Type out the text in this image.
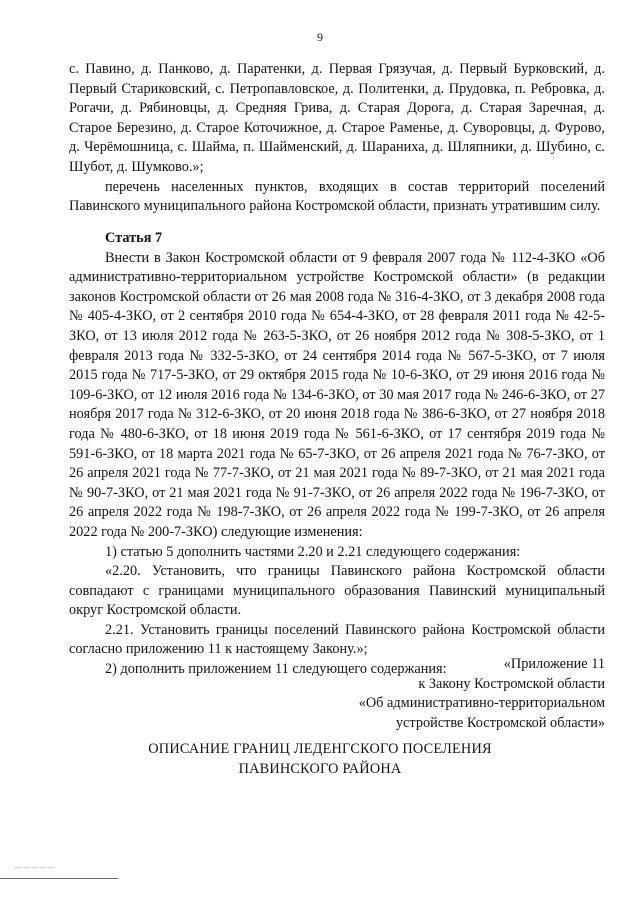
9

с. Павино, д. Панково, д. Паратенки, д. Первая Грязучая, д. Первый Бурковский, д. Первый Стариковский, с. Петропавловское, д. Политенки, д. Прудовка, п. Ребровка, д. Рогачи, д. Рябиновцы, д. Средняя Грива, д. Старая Дорога, д. Старая Заречная, д. Старое Березино, д. Старое Коточижное, д. Старое Раменье, д. Суворовцы, д. Фурово, д. Черёмошница, с. Шайма, п. Шайменский, д. Шараниха, д. Шляпники, д. Шубино, с. Шубот, д. Шумково.»;

перечень населенных пунктов, входящих в состав территорий поселений Павинского муниципального района Костромской области, признать утратившим силу.

Статья 7

Внести в Закон Костромской области от 9 февраля 2007 года № 112-4-ЗКО «Об административно-территориальном устройстве Костромской области» (в редакции законов Костромской области от 26 мая 2008 года № 316-4-ЗКО, от 3 декабря 2008 года № 405-4-ЗКО, от 2 сентября 2010 года № 654-4-ЗКО, от 28 февраля 2011 года № 42-5-ЗКО, от 13 июля 2012 года № 263-5-ЗКО, от 26 ноября 2012 года № 308-5-ЗКО, от 1 февраля 2013 года № 332-5-ЗКО, от 24 сентября 2014 года № 567-5-ЗКО, от 7 июля 2015 года № 717-5-ЗКО, от 29 октября 2015 года № 10-6-ЗКО, от 29 июня 2016 года № 109-6-ЗКО, от 12 июля 2016 года № 134-6-ЗКО, от 30 мая 2017 года № 246-6-ЗКО, от 27 ноября 2017 года № 312-6-ЗКО, от 20 июня 2018 года № 386-6-ЗКО, от 27 ноября 2018 года № 480-6-ЗКО, от 18 июня 2019 года № 561-6-ЗКО, от 17 сентября 2019 года № 591-6-ЗКО, от 18 марта 2021 года № 65-7-ЗКО, от 26 апреля 2021 года № 76-7-ЗКО, от 26 апреля 2021 года № 77-7-ЗКО, от 21 мая 2021 года № 89-7-ЗКО, от 21 мая 2021 года № 90-7-ЗКО, от 21 мая 2021 года № 91-7-ЗКО, от 26 апреля 2022 года № 196-7-ЗКО, от 26 апреля 2022 года № 198-7-ЗКО, от 26 апреля 2022 года № 199-7-ЗКО, от 26 апреля 2022 года № 200-7-ЗКО) следующие изменения:

1) статью 5 дополнить частями 2.20 и 2.21 следующего содержания:

«2.20. Установить, что границы Павинского района Костромской области совпадают с границами муниципального образования Павинский муниципальный округ Костромской области.

2.21. Установить границы поселений Павинского района Костромской области согласно приложению 11 к настоящему Закону.»;

2) дополнить приложением 11 следующего содержания:	«Приложение 11
к Закону Костромской области
«Об административно-территориальном
устройстве Костромской области»
ОПИСАНИЕ ГРАНИЦ ЛЕДЕНГСКОГО ПОСЕЛЕНИЯ
ПАВИНСКОГО РАЙОНА
